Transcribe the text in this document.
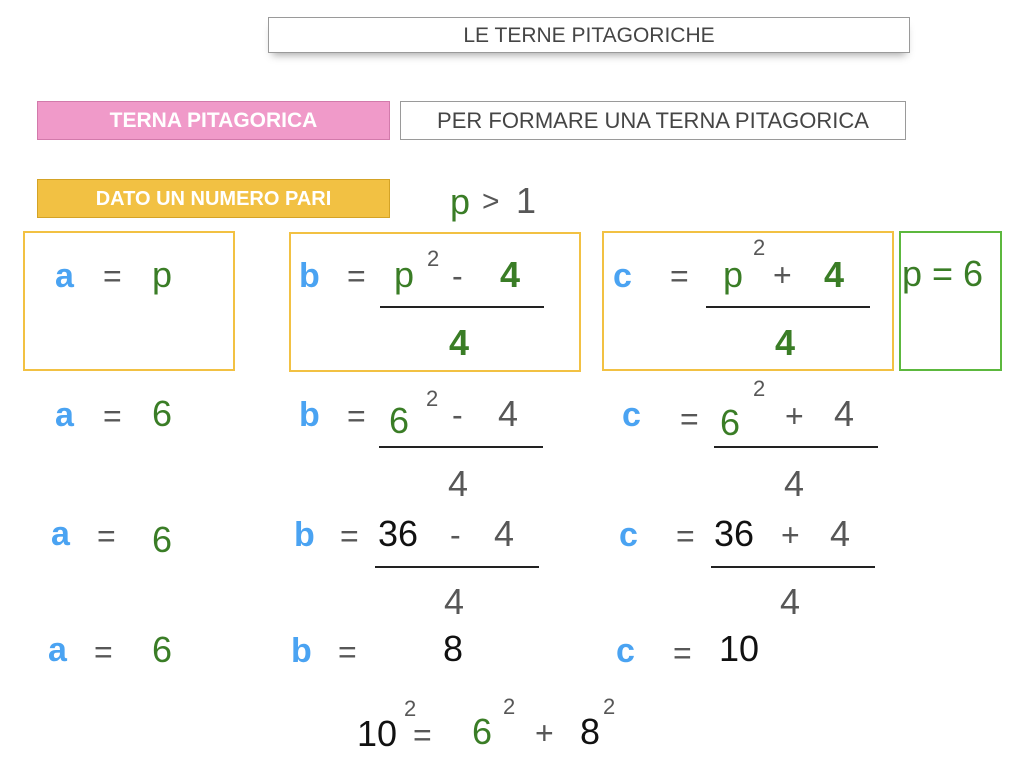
LE TERNE PITAGORICHE
TERNA PITAGORICA	PER FORMARE UNA TERNA PITAGORICA
DATO UN NUMERO PARI	p > 1
a = p	b = p 2 - 4
4
c = p
2
+ 4
4
p = 6
a = 6	b = 6
2 - 4
4
c = 6
2
+ 4
4
a = 6	b = 36 - 4
4
c = 36 + 4
4
a = 6	b = 8	c = 10
10
2
= 6
2
+ 8
2
